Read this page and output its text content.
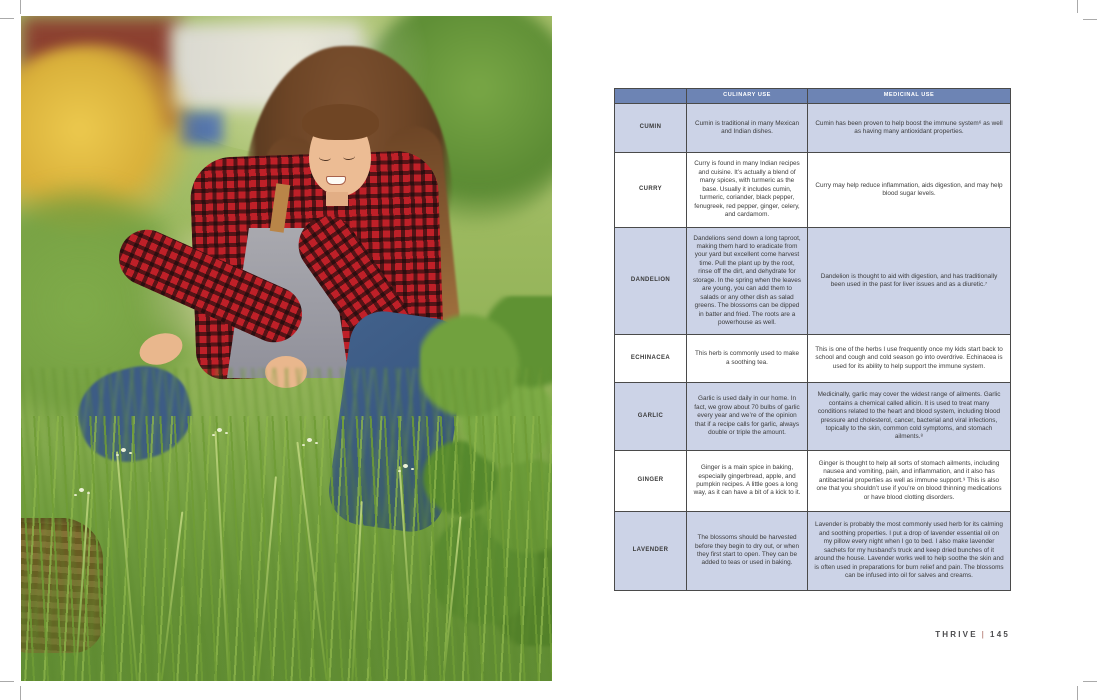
CULINARY USE	MEDICINAL USE
CUMIN
Cumin is traditional in many Mexican and Indian dishes.
Cumin has been proven to help boost the immune system⁶ as well as having many antioxidant properties.
CURRY
Curry is found in many Indian recipes and cuisine. It’s actually a blend of many spices, with turmeric as the base. Usually it includes cumin, turmeric, coriander, black pepper, fenugreek, red pepper, ginger, celery, and cardamom.
Curry may help reduce inflammation, aids digestion, and may help blood sugar levels.
DANDELION
Dandelions send down a long taproot, making them hard to eradicate from your yard but excellent come harvest time. Pull the plant up by the root, rinse off the dirt, and dehydrate for storage. In the spring when the leaves are young, you can add them to salads or any other dish as salad greens. The blossoms can be dipped in batter and fried. The roots are a powerhouse as well.
Dandelion is thought to aid with digestion, and has traditionally been used in the past for liver issues and as a diuretic.⁷
ECHINACEA
This herb is commonly used to make a soothing tea.
This is one of the herbs I use frequently once my kids start back to school and cough and cold season go into overdrive. Echinacea is used for its ability to help support the immune system.
GARLIC
Garlic is used daily in our home. In fact, we grow about 70 bulbs of garlic every year and we’re of the opinion that if a recipe calls for garlic, always double or triple the amount.
Medicinally, garlic may cover the widest range of ailments. Garlic contains a chemical called allicin. It is used to treat many conditions related to the heart and blood system, including blood pressure and cholesterol, cancer, bacterial and viral infections, topically to the skin, common cold symptoms, and stomach ailments.⁸
GINGER
Ginger is a main spice in baking, especially gingerbread, apple, and pumpkin recipes. A little goes a long way, as it can have a bit of a kick to it.
Ginger is thought to help all sorts of stomach ailments, including nausea and vomiting, pain, and inflammation, and it also has antibacterial properties as well as immune support.⁹ This is also one that you shouldn’t use if you’re on blood thinning medications or have blood clotting disorders.
LAVENDER
The blossoms should be harvested before they begin to dry out, or when they first start to open. They can be added to teas or used in baking.
Lavender is probably the most commonly used herb for its calming and soothing properties. I put a drop of lavender essential oil on my pillow every night when I go to bed. I also make lavender sachets for my husband’s truck and keep dried bunches of it around the house. Lavender works well to help soothe the skin and is often used in preparations for burn relief and pain. The blossoms can be infused into oil for salves and creams.
THRIVE | 145
